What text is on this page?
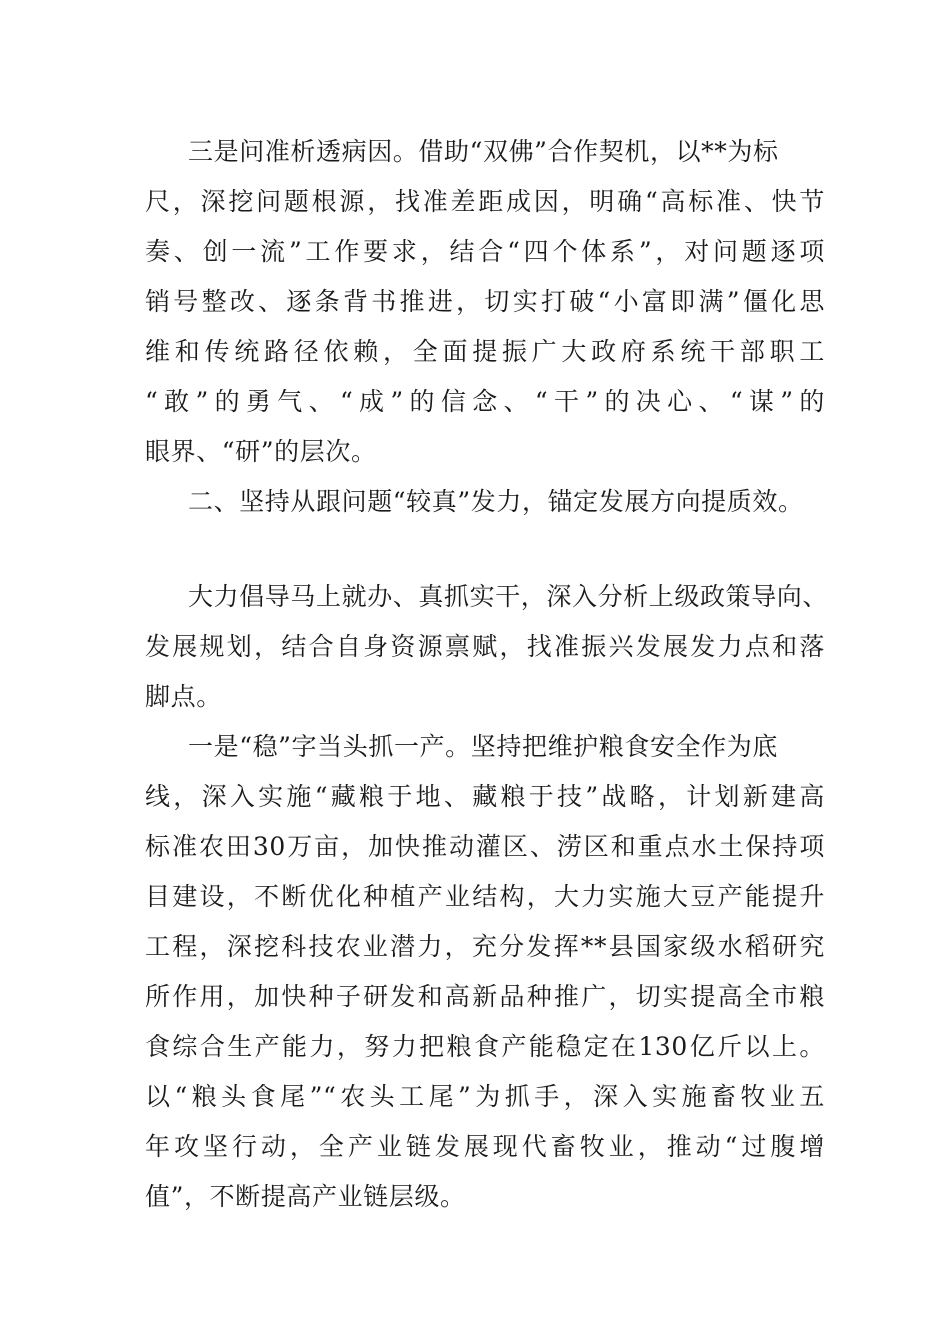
三是问准析透病因。借助“双佛”合作契机，以**为标
尺，深挖问题根源，找准差距成因，明确“高标准、快节
奏、创一流”工作要求，结合“四个体系”，对问题逐项
销号整改、逐条背书推进，切实打破“小富即满”僵化思
维和传统路径依赖，全面提振广大政府系统干部职工
“敢”的勇气、“成”的信念、“干”的决心、“谋”的
眼界、“研”的层次。
二、坚持从跟问题“较真”发力，锚定发展方向提质效。
大力倡导马上就办、真抓实干，深入分析上级政策导向、
发展规划，结合自身资源禀赋，找准振兴发展发力点和落
脚点。
一是“稳”字当头抓一产。坚持把维护粮食安全作为底
线，深入实施“藏粮于地、藏粮于技”战略，计划新建高
标准农田30万亩，加快推动灌区、涝区和重点水土保持项
目建设，不断优化种植产业结构，大力实施大豆产能提升
工程，深挖科技农业潜力，充分发挥**县国家级水稻研究
所作用，加快种子研发和高新品种推广，切实提高全市粮
食综合生产能力，努力把粮食产能稳定在130亿斤以上。
以“粮头食尾”“农头工尾”为抓手，深入实施畜牧业五
年攻坚行动，全产业链发展现代畜牧业，推动“过腹增
值”，不断提高产业链层级。
